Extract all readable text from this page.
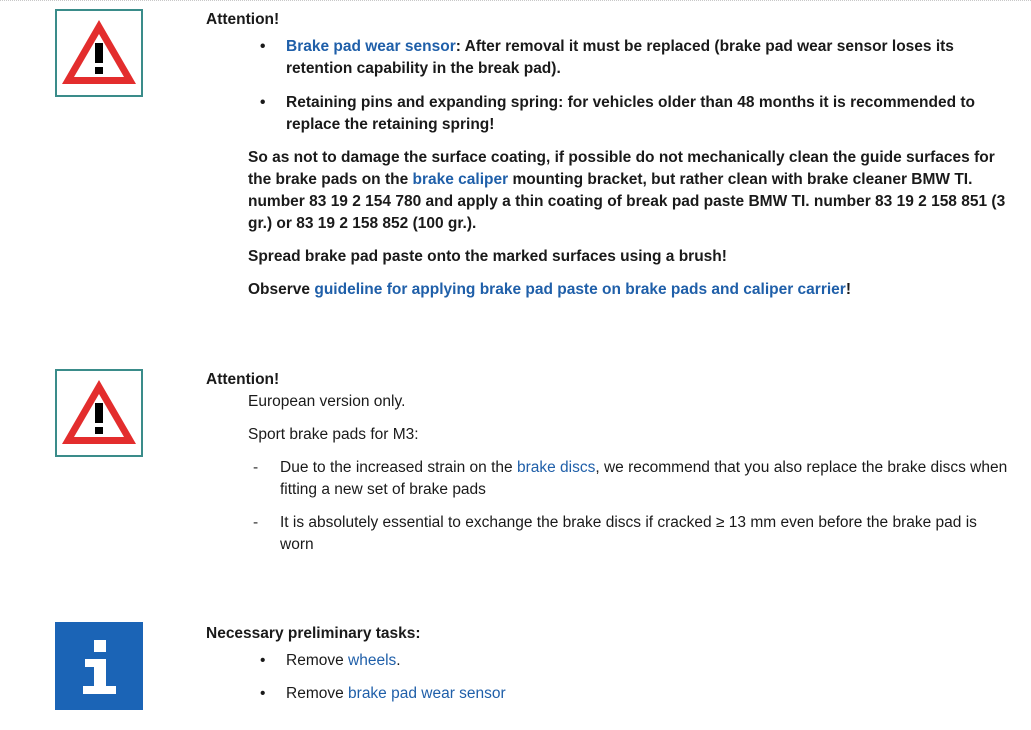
Attention!

• Brake pad wear sensor: After removal it must be replaced (brake pad wear sensor loses its retention capability in the break pad).
• Retaining pins and expanding spring: for vehicles older than 48 months it is recommended to replace the retaining spring!

So as not to damage the surface coating, if possible do not mechanically clean the guide surfaces for the brake pads on the brake caliper mounting bracket, but rather clean with brake cleaner BMW TI. number 83 19 2 154 780 and apply a thin coating of break pad paste BMW TI. number 83 19 2 158 851 (3 gr.) or 83 19 2 158 852 (100 gr.).

Spread brake pad paste onto the marked surfaces using a brush!

Observe guideline for applying brake pad paste on brake pads and caliper carrier!

Attention!

European version only.

Sport brake pads for M3:

- Due to the increased strain on the brake discs, we recommend that you also replace the brake discs when fitting a new set of brake pads
- It is absolutely essential to exchange the brake discs if cracked ≥ 13 mm even before the brake pad is worn

Necessary preliminary tasks:

• Remove wheels.
• Remove brake pad wear sensor
